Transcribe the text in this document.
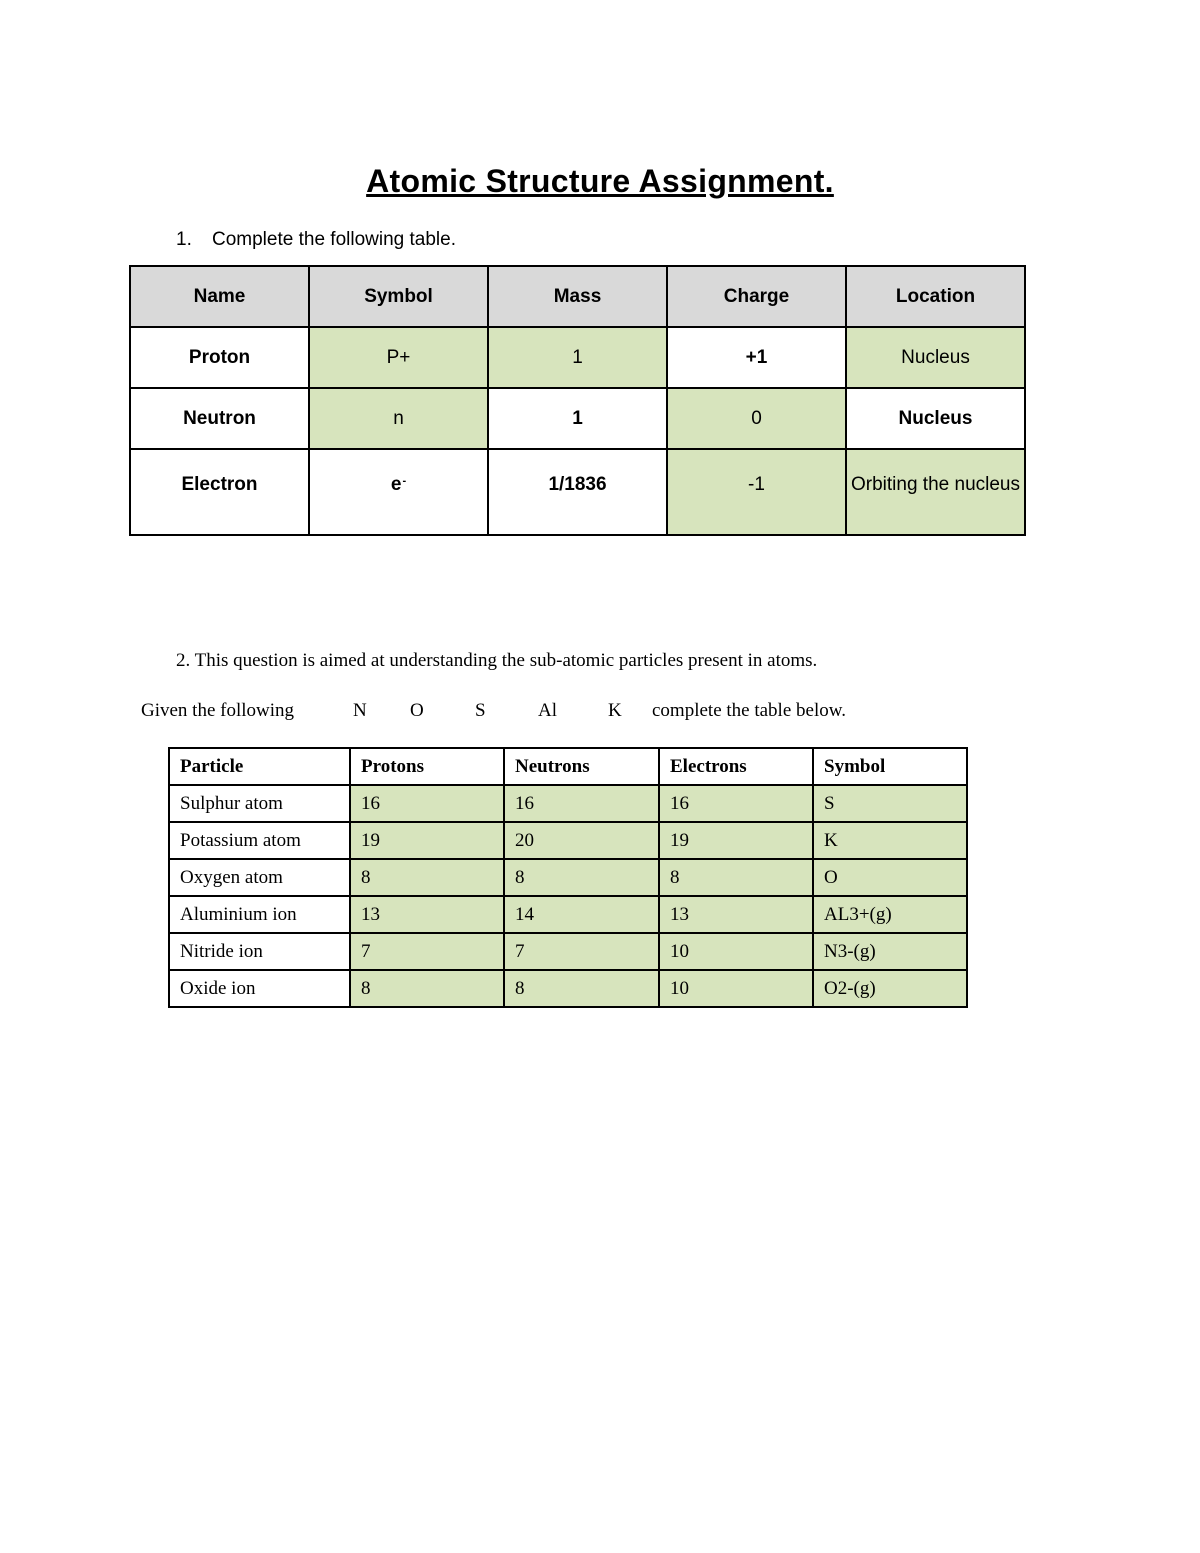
Atomic Structure Assignment.
1. Complete the following table.
Name	Symbol	Mass	Charge	Location
Proton	P+	1	+1	Nucleus
Neutron	n	1	0	Nucleus
Electron	e-	1/1836	-1	Orbiting the nucleus
2. This question is aimed at understanding the sub-atomic particles present in atoms.
Given the following	N O	S	Al	K complete the table below.
Particle	Protons	Neutrons	Electrons	Symbol
Sulphur atom	16	16	16	S
Potassium atom	19	20	19	K
Oxygen atom	8	8	8	O
Aluminium ion	13	14	13	AL3+(g)
Nitride ion	7	7	10	N3-(g)
Oxide ion	8	8	10	O2-(g)
